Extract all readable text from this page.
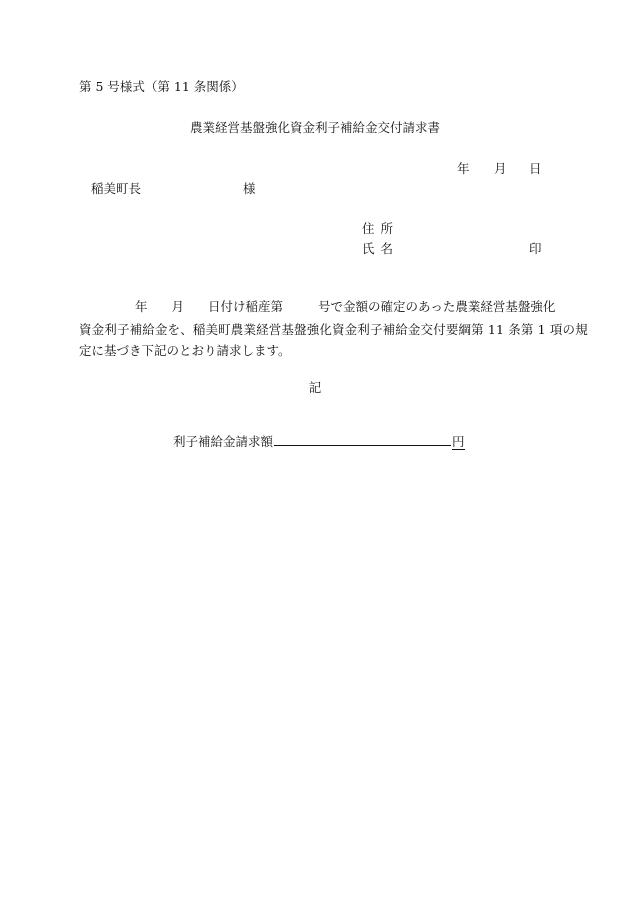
第 5 号様式（第 11 条関係）
農業経営基盤強化資金利子補給金交付請求書
年 月 日
稲美町長	様
住所
氏名	印
年 月 日付け稲産第	号で金額の確定のあった農業経営基盤強化
資金利子補給金を、稲美町農業経営基盤強化資金利子補給金交付要綱第 11 条第 1 項の規
定に基づき下記のとおり請求します。
記
利子補給金請求額	円
